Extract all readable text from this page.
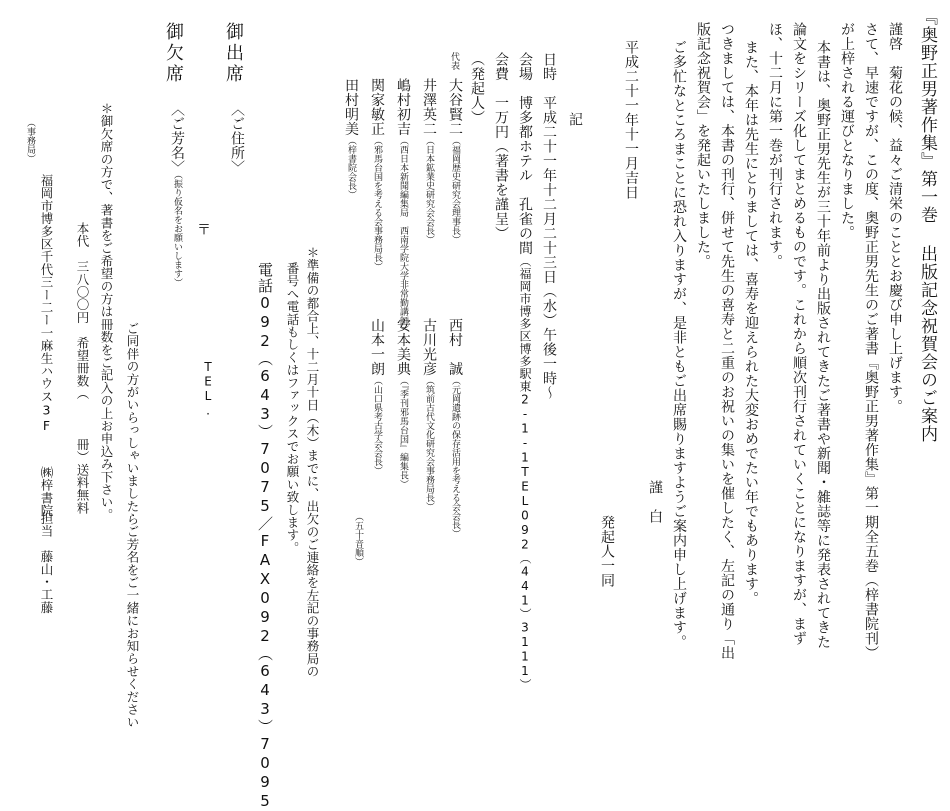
『奥野正男著作集』第一巻 出版記念祝賀会のご案内
謹啓　菊花の候、益々ご清栄のこととお慶び申し上げます。
さて、早速ですが、この度、奥野正男先生のご著書『奥野正男著作集』第一期全五巻（梓書院刊）
が上梓される運びとなりました。
本書は、奥野正男先生が三十年前より出版されてきたご著書や新聞・雑誌等に発表されてきた
論文をシリーズ化してまとめるものです。これから順次刊行されていくことになりますが、まず
ほ、十二月に第一巻が刊行されます。
また、本年は先生にとりましては、喜寿を迎えられた大変おめでたい年でもあります。
つきましては、本書の刊行、併せて先生の喜寿と二重のお祝いの集いを催したく、左記の通り「出
版記念祝賀会」を発起いたしました。
ご多忙なところまことに恐れ入りますが、是非ともご出席賜りますようご案内申し上げます。
謹　白
平成二十一年十一月吉日
発起人一同
記
日時　平成二十一年十二月二十三日（水）午後一時〜
会場　博多都ホテル　孔雀の間（福岡市博多区博多駅東2-1-1TEL092（441）3111）
会費　一万円（著書を謹呈）
（発起人）
代表
大谷賢二（福岡歴史研究会理事長）
井澤英二（日本鉱業史研究会会長）
嶋村初吉（西日本新聞編集局　西南学院大学非常勤講師）
関家敏正（邪馬台国を考える会事務局長）
田村明美（梓書院会長）
西村　誠（元岡遺跡の保存活用を考える会会長）
古川光彦（筑前古代文化研究会事務局長）
安本美典（『季刊邪馬台国』編集長）
山本一朗（山口県考古学会会長）
（五十音順）
＊準備の都合上、十二月十日（木）までに、出欠のご連絡を左記の事務局の
番号へ電話もしくはファックスでお願い致します。
電話092（643）7075／FAX092（643）7095
御出席
御欠席
〈ご住所〉
〒
〈ご芳名〉（振り仮名をお願いします）
TEL.
ご同伴の方がいらっしゃいましたらご芳名をご一緒にお知らせください
＊御欠席の方で、著書をご希望の方は冊数をご記入の上お申込み下さい。
本代　三八〇〇円　希望冊数（　　　冊）送料無料
（事務局）
福岡市博多区千代三ー二ー一麻生ハウス3F
㈱梓書院
担当　藤山・工藤
